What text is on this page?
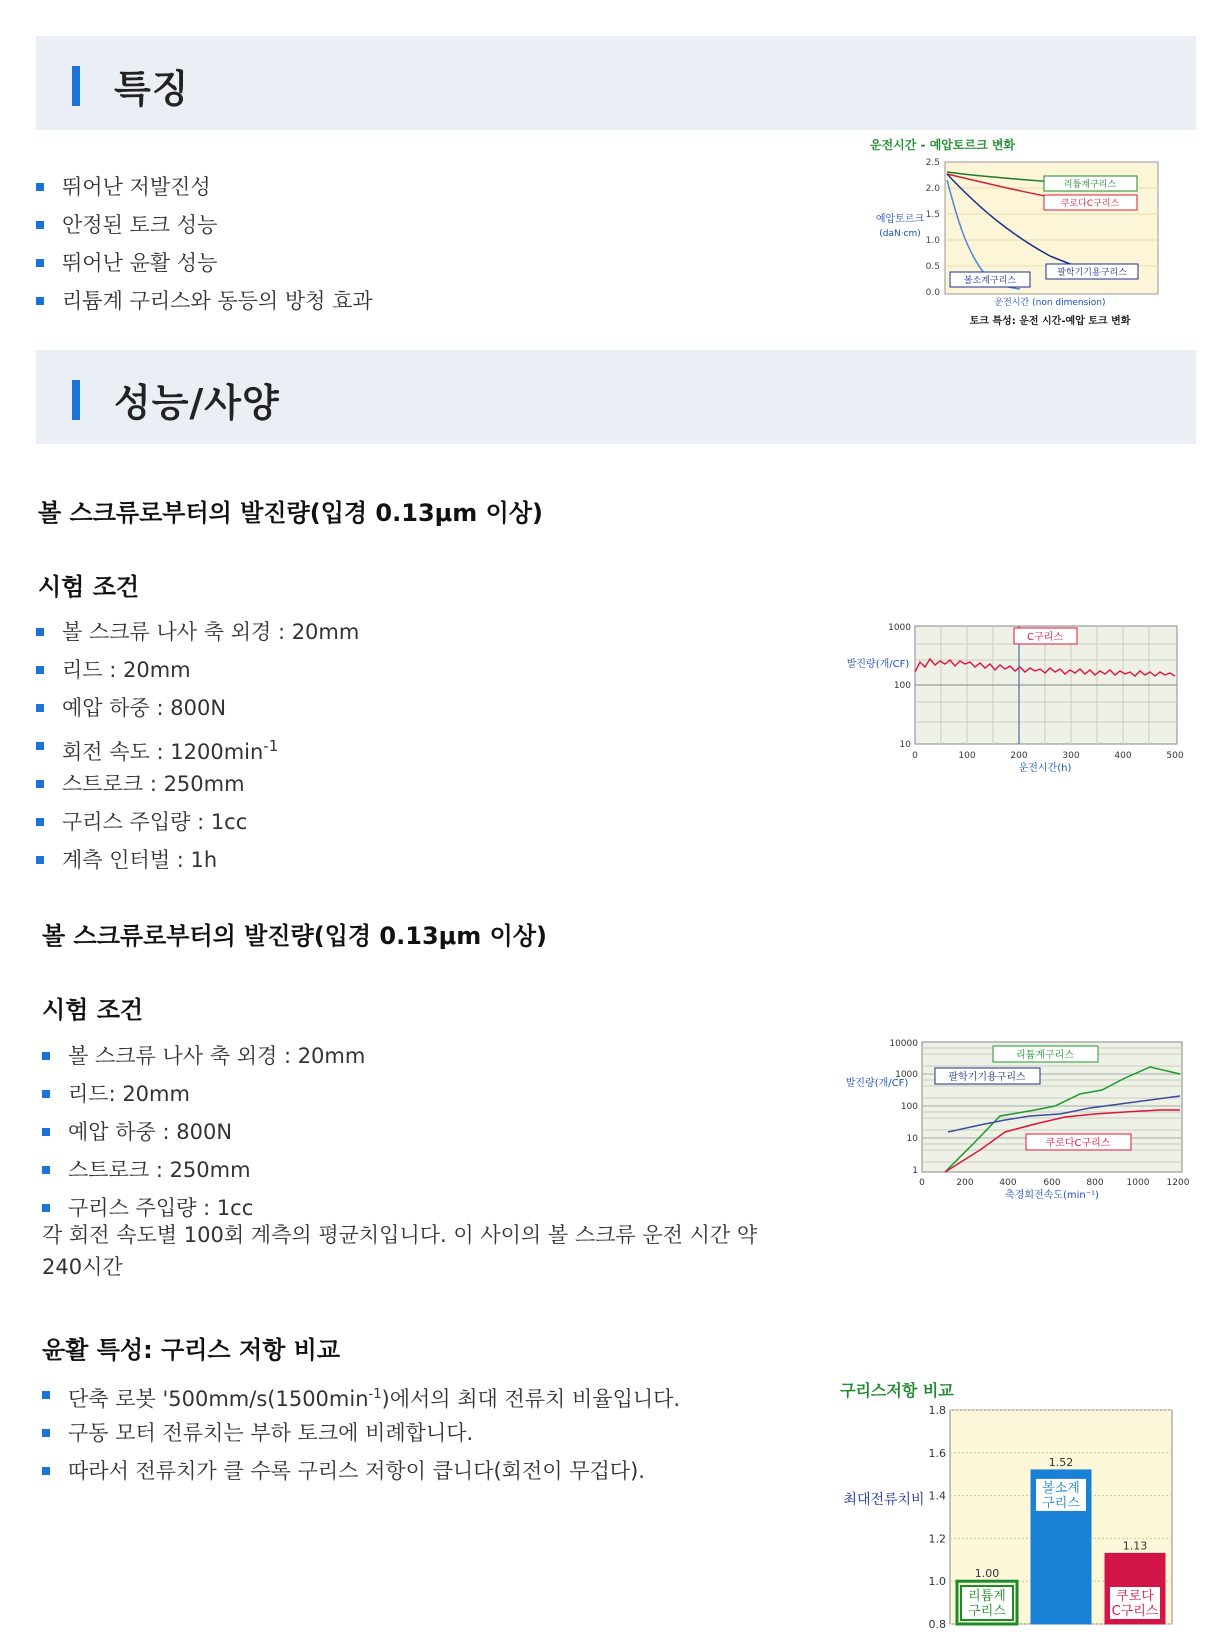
특징
뛰어난 저발진성
안정된 토크 성능
뛰어난 윤활 성능
리튬계 구리스와 동등의 방청 효과
운전시간 - 예압토르크 변화
2.5
2.0
1.5
1.0
0.5
0.0
예압토르크
(daN·cm)
리튬계구리스
쿠로다C구리스
팔학기기용구리스
볼소계구리스
운전시간 (non dimension)
토크 특성: 운전 시간-예압 토크 변화
성능/사양
볼 스크류로부터의 발진량(입경 0.13μm 이상)
시험 조건
볼 스크류 나사 축 외경 : 20mm
리드 : 20mm
예압 하중 : 800N
회전 속도 : $1200\min^{-1}$
스트로크 : 250mm
구리스 주입량 : 1cc
계측 인터벌 : 1h
C구리스
1000
100
10
발진량(개/CF)
0	100	200	300	400	500
운전시간(h)
볼 스크류로부터의 발진량(입경 0.13μm 이상)
시험 조건
볼 스크류 나사 축 외경 : 20mm
리드: 20mm
예압 하중 : 800N
스트로크 : 250mm
구리스 주입량 : 1cc
각 회전 속도별 100회 계측의 평균치입니다. 이 사이의 볼 스크류 운전 시간 약 240시간
리튬계구리스
팔학기기용구리스
쿠로다C구리스
10000
1000
100
10
1
발진량(개/CF)
0	200	400	600	800	1000 1200
축경회전속도(min⁻¹)
윤활 특성: 구리스 저항 비교
단축 로봇 '$500mm/s(1500\min^{-1})$에서의 최대 전류치 비율입니다.
구동 모터 전류치는 부하 토크에 비례합니다.
따라서 전류치가 클 수록 구리스 저항이 큽니다(회전이 무겁다).
구리스저항 비교
1.8
1.6
1.4
1.2
1.0
0.8
최대전류치비
1.00
리튬계
구리스
1.52
볼소계
구리스
1.13
쿠로다
C구리스
